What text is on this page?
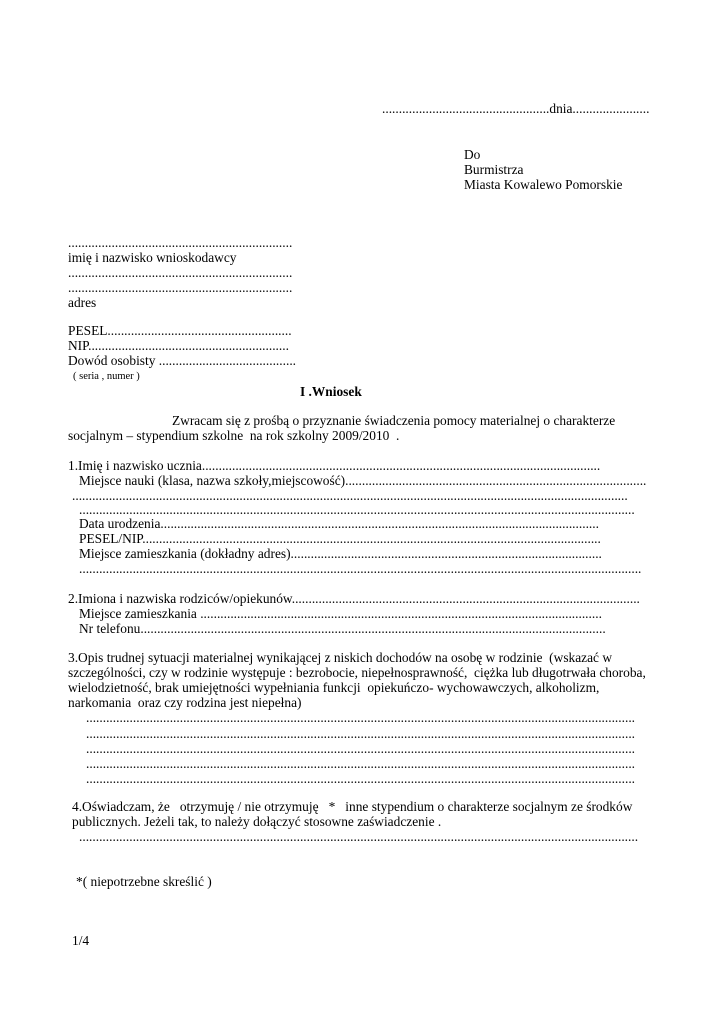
..................................................dnia.......................
Do
Burmistrza
Miasta Kowalewo Pomorskie
...................................................................
imię i nazwisko wnioskodawcy
...................................................................
...................................................................
adres
PESEL.......................................................
NIP............................................................
Dowód osobisty .........................................
( seria , numer )
I .Wniosek
Zwracam się z prośbą o przyznanie świadczenia pomocy materialnej o charakterze
socjalnym – stypendium szkolne  na rok szkolny 2009/2010  .
1.Imię i nazwisko ucznia.......................................................................................................................
Miejsce nauki (klasa, nazwa szkoły,miejscowość)..........................................................................................
......................................................................................................................................................................
......................................................................................................................................................................
Data urodzenia...................................................................................................................................
PESEL/NIP.........................................................................................................................................
Miejsce zamieszkania (dokładny adres).............................................................................................
........................................................................................................................................................................
2.Imiona i nazwiska rodziców/opiekunów........................................................................................................
Miejsce zamieszkania ........................................................................................................................
Nr telefonu...........................................................................................................................................
3.Opis trudnej sytuacji materialnej wynikającej z niskich dochodów na osobę w rodzinie  (wskazać w
szczególności, czy w rodzinie występuje : bezrobocie, niepełnosprawność,  ciężka lub długotrwała choroba,
wielodzietność, brak umiejętności wypełniania funkcji  opiekuńczo- wychowawczych, alkoholizm,
narkomania  oraz czy rodzina jest niepełna)
....................................................................................................................................................................
....................................................................................................................................................................
....................................................................................................................................................................
....................................................................................................................................................................
....................................................................................................................................................................
4.Oświadczam, że   otrzymuję / nie otrzymuję   *   inne stypendium o charakterze socjalnym ze środków
publicznych. Jeżeli tak, to należy dołączyć stosowne zaświadczenie .
.......................................................................................................................................................................
*( niepotrzebne skreślić )
1/4
